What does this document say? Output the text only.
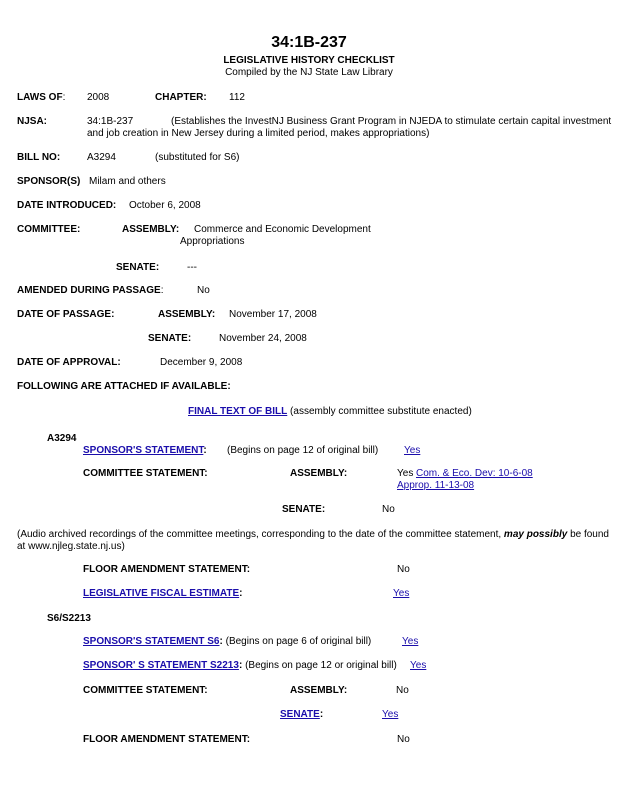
34:1B-237
LEGISLATIVE HISTORY CHECKLIST
Compiled by the NJ State Law Library
LAWS OF: 2008	CHAPTER: 112
NJSA:	34:1B-237	(Establishes the InvestNJ Business Grant Program in NJEDA to stimulate certain capital investment
and job creation in New Jersey during a limited period, makes appropriations)
BILL NO:	A3294	(substituted for S6)
SPONSOR(S) Milam and others
DATE INTRODUCED: October 6, 2008
COMMITTEE:	ASSEMBLY: Commerce and Economic Development
Appropriations
SENATE:	---
AMENDED DURING PASSAGE:	No
DATE OF PASSAGE:	ASSEMBLY: November 17, 2008
SENATE:	November 24, 2008
DATE OF APPROVAL:	December 9, 2008
FOLLOWING ARE ATTACHED IF AVAILABLE:
FINAL TEXT OF BILL (assembly committee substitute enacted)
A3294
SPONSOR'S STATEMENT: (Begins on page 12 of original bill)	Yes
COMMITTEE STATEMENT:	ASSEMBLY:	Yes Com. & Eco. Dev: 10-6-08
Approp. 11-13-08
SENATE:	No
(Audio archived recordings of the committee meetings, corresponding to the date of the committee statement, may possibly be found
at www.njleg.state.nj.us)
FLOOR AMENDMENT STATEMENT:	No
LEGISLATIVE FISCAL ESTIMATE:	Yes
S6/S2213
SPONSOR'S STATEMENT S6: (Begins on page 6 of original bill)	Yes
SPONSOR' S STATEMENT S2213: (Begins on page 12 or original bill) Yes
COMMITTEE STATEMENT:	ASSEMBLY:	No
SENATE:	Yes
FLOOR AMENDMENT STATEMENT:	No
